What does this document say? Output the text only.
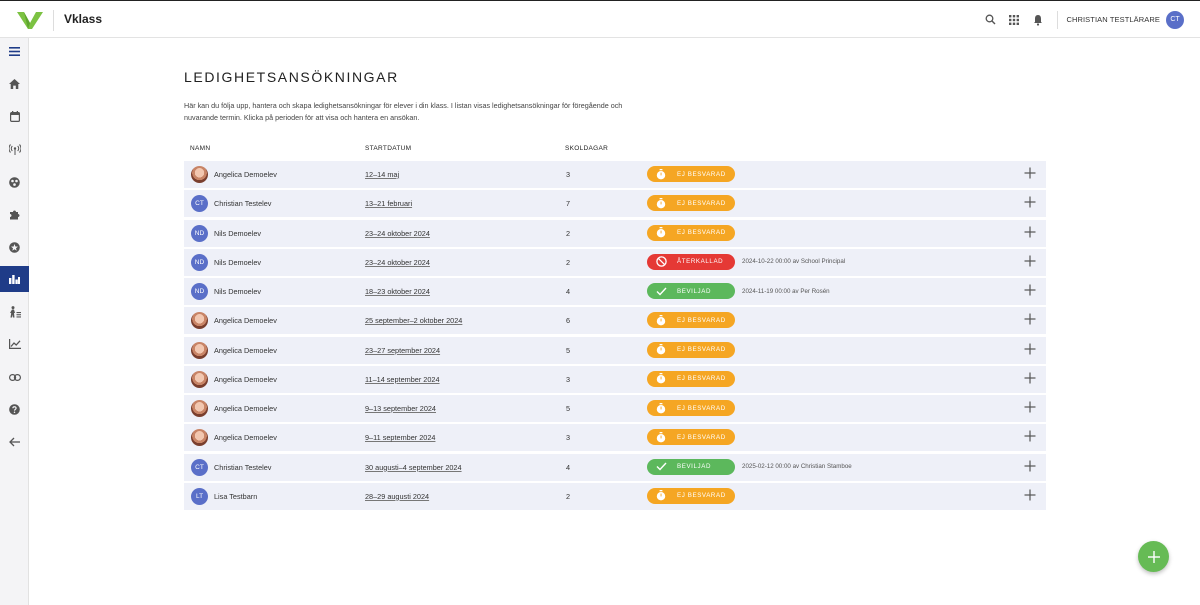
Vklass	CHRISTIAN TESTLÄRARE	CT
LEDIGHETSANSÖKNINGAR
Här kan du följa upp, hantera och skapa ledighetsansökningar för elever i din klass. I listan visas ledighetsansökningar för föregående och nuvarande termin. Klicka på perioden för att visa och hantera en ansökan.
NAMN	STARTDATUM	SKOLDAGAR
Angelica Demoelev	12–14 maj	3	EJ BESVARAD
CT	Christian Testelev	13–21 februari	7	EJ BESVARAD
ND	Nils Demoelev	23–24 oktober 2024	2	EJ BESVARAD
ND	Nils Demoelev	23–24 oktober 2024	2	ÅTERKALLAD	2024-10-22 00:00 av School Principal
ND	Nils Demoelev	18–23 oktober 2024	4	BEVILJAD	2024-11-19 00:00 av Per Rosén
Angelica Demoelev	25 september–2 oktober 2024	6	EJ BESVARAD
Angelica Demoelev	23–27 september 2024	5	EJ BESVARAD
Angelica Demoelev	11–14 september 2024	3	EJ BESVARAD
Angelica Demoelev	9–13 september 2024	5	EJ BESVARAD
Angelica Demoelev	9–11 september 2024	3	EJ BESVARAD
CT	Christian Testelev	30 augusti–4 september 2024	4	BEVILJAD	2025-02-12 00:00 av Christian Stamboe
LT	Lisa Testbarn	28–29 augusti 2024	2	EJ BESVARAD
